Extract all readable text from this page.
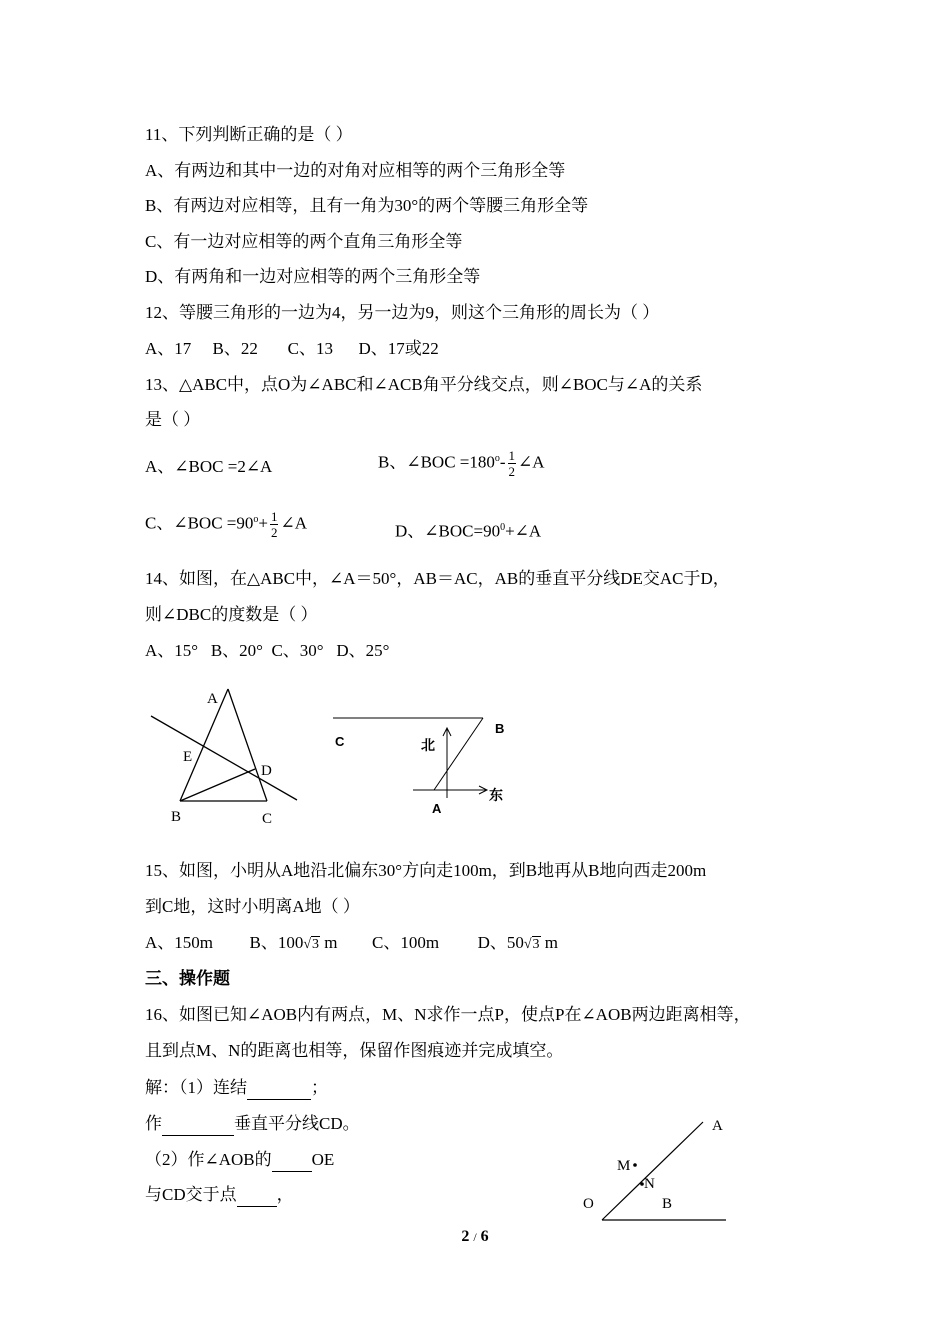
11、下列判断正确的是（ ）
A、有两边和其中一边的对角对应相等的两个三角形全等
B、有两边对应相等，且有一角为30°的两个等腰三角形全等
C、有一边对应相等的两个直角三角形全等
D、有两角和一边对应相等的两个三角形全等
12、等腰三角形的一边为4，另一边为9，则这个三角形的周长为（ ）
A、17     B、22       C、13      D、17或22
13、△ABC中，点O为∠ABC和∠ACB角平分线交点，则∠BOC与∠A的关系
是（ ）
A、∠BOC =2∠A	B、∠BOC $=180^o- \frac{1}{2}$ ∠A
C、∠BOC $=90^o+ \frac{1}{2}$ ∠A	D、$\angle BOC=90^0+\angle A$
14、如图，在△ABC中，∠A＝50°，AB＝AC，AB的垂直平分线DE交AC于D，
则∠DBC的度数是（ ）
A、15°   B、20°  C、30°   D、25°
A
E
D
B	C
C
B
北
东
A
15、如图，小明从A地沿北偏东30°方向走100m，到B地再从B地向西走200m
到C地，这时小明离A地（ ）
A、150m B、100√3 m C、100m D、50√3 m
三、操作题
16、如图已知∠AOB内有两点，M、N求作一点P，使点P在∠AOB两边距离相等，
且到点M、N的距离也相等，保留作图痕迹并完成填空。
解：（1）连结	；
作	垂直平分线CD。
（2）作∠AOB的 OE
与CD交于点 ，
A
M
N
O	B
2 / 6
